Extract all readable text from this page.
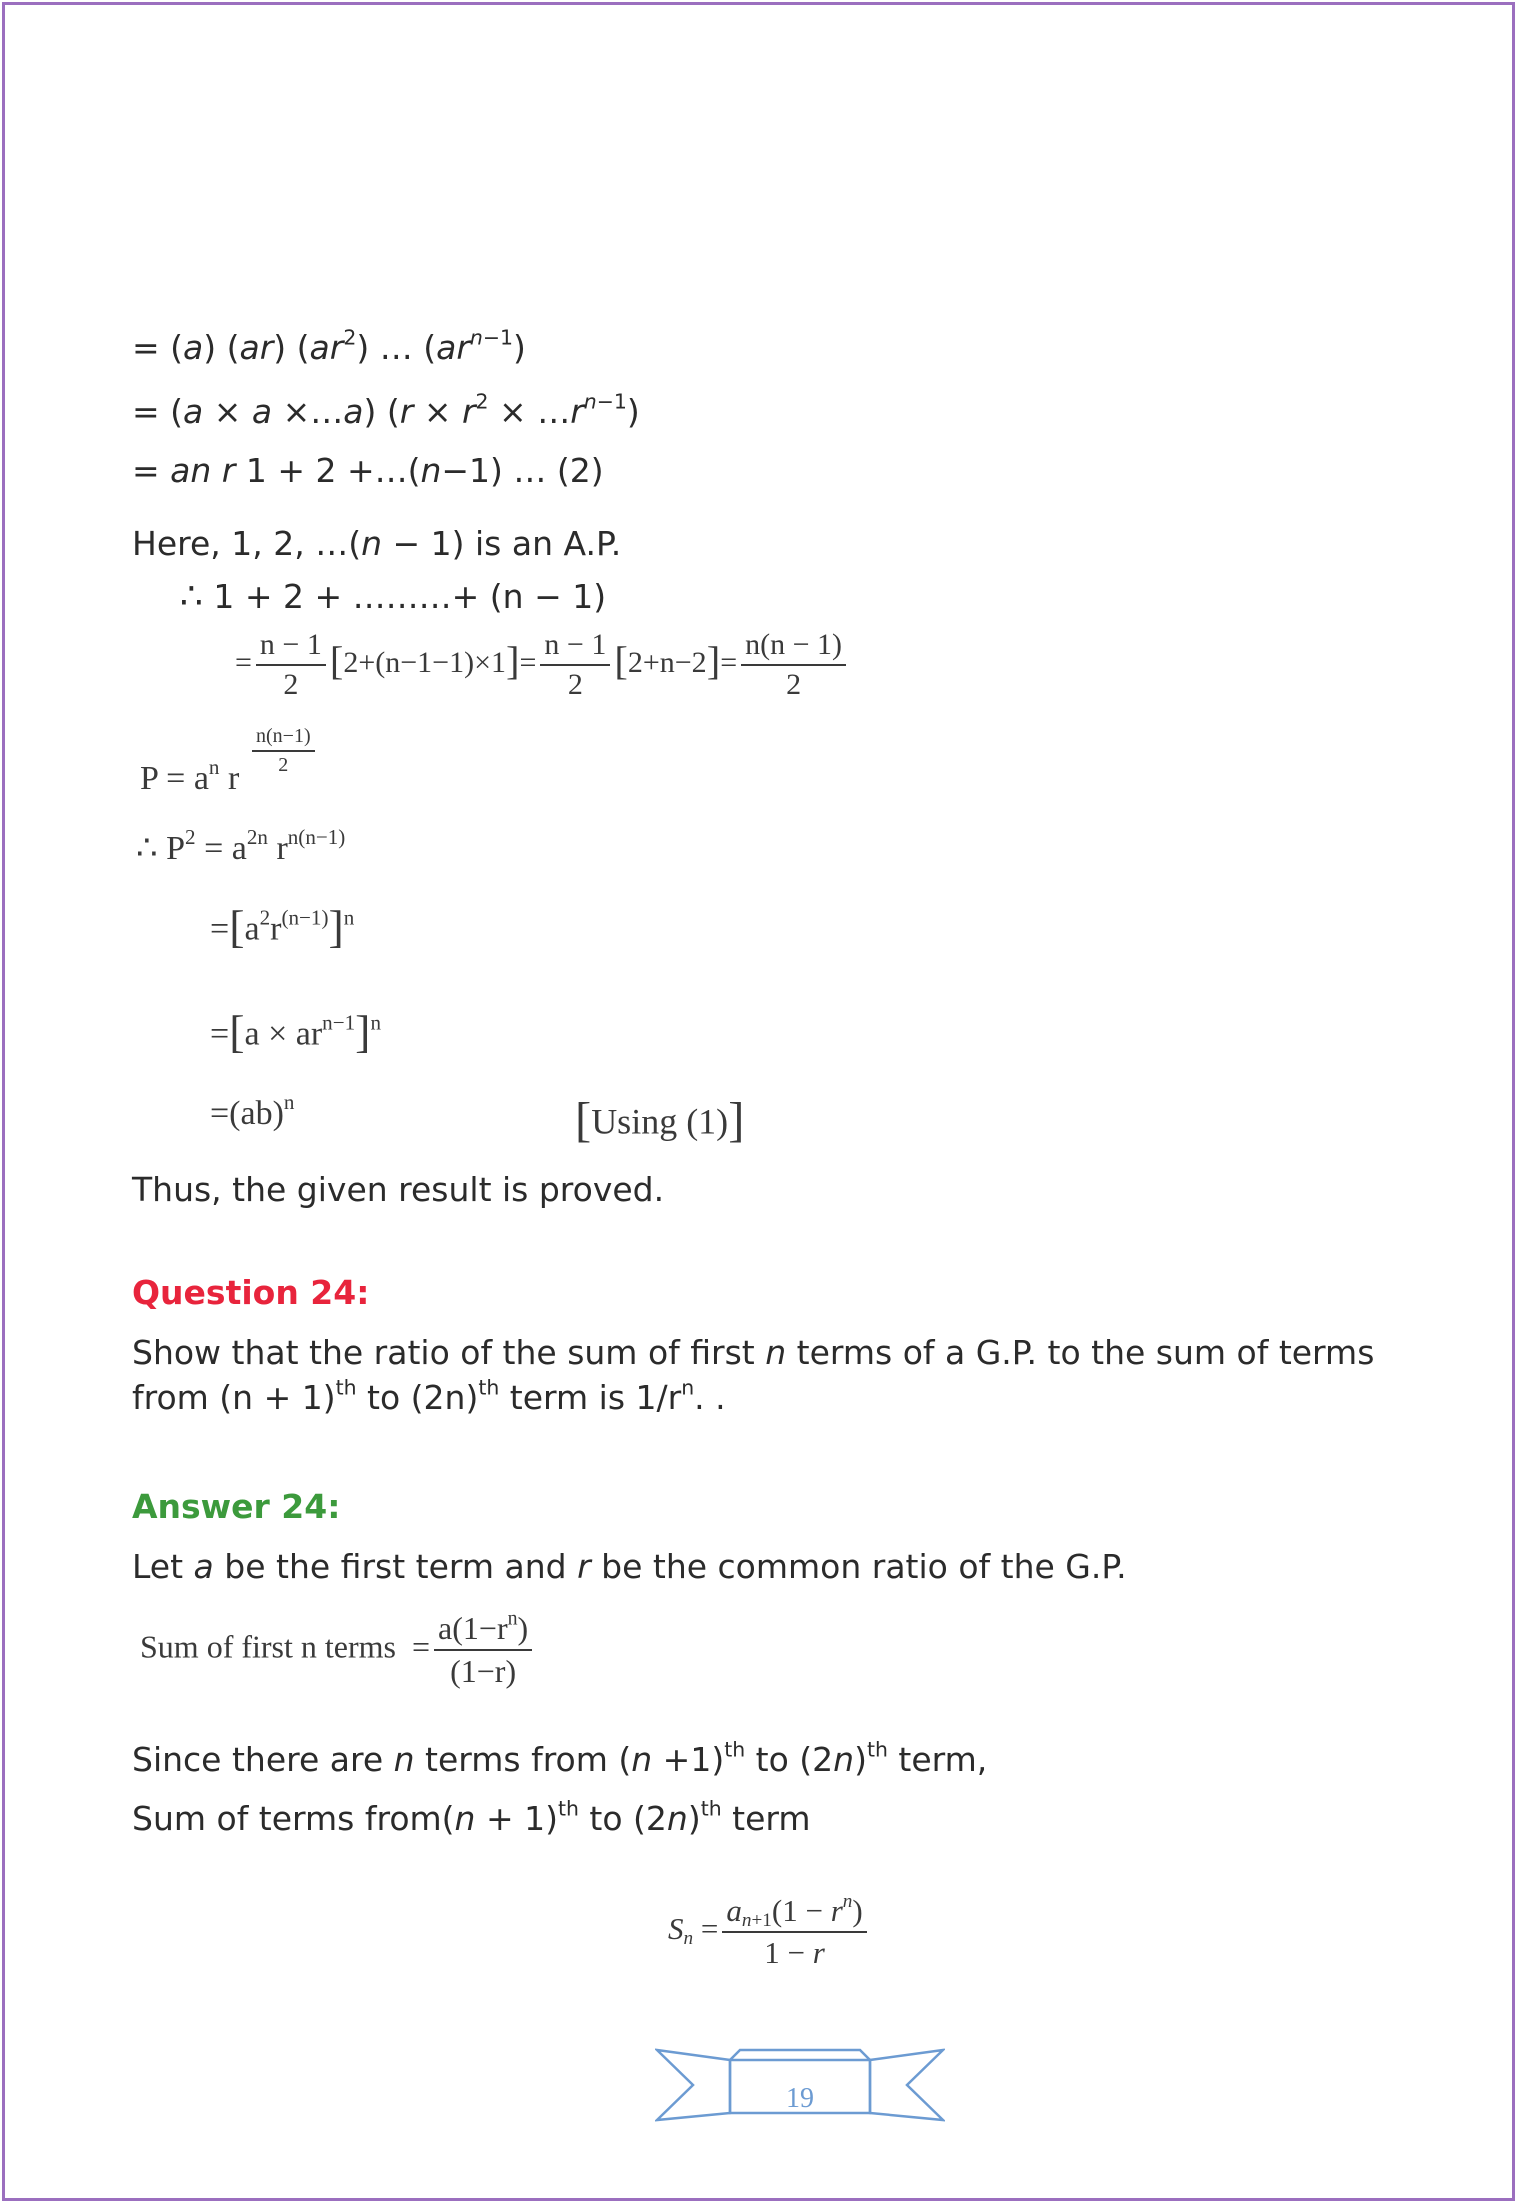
= (a) (ar) $(ar^2)$ … $(ar^{n-1})$
= (a × a ×…a) ($r \times r^2$ × $\dots r^{n-1}$)
= an r 1 + 2 +…(n−1) … (2)
Here, 1, 2, …(n − 1) is an A.P.
∴ 1 + 2 + ………+ (n − 1)
= $\frac{n - 1}{2} [2+(n-1-1)\times 1]= \frac{n - 1}{2} [2+n-2]= \frac{n(n - 1)}{2}$
$\frac{n(n-1)}{2}$
$P = a^n$ r
∴ $P^2 = a^{2n}$ $r^{n(n-1)}$
$=[a^2r^{(n-1)}]^n$
$=[a \times ar^{n-1}]^n$
=(ab)$^n$	[Using (1)]
Thus, the given result is proved.
Question 24:
Show that the ratio of the sum of first n terms of a G.P. to the sum of terms
from $(n + 1)^{th}$ to $(2n)^{th}$ term is $1/r^n$. .
Answer 24:
Let a be the first term and r be the common ratio of the G.P.
Sum of first n terms  = $\frac{a(1-r^n)}{(1-r)}$
Since there are n terms from $(n +1)^{th}$ to $(2n)^{th}$ term,
Sum of terms from(n + 1)$^{th}$ to $(2n)^{th}$ term
$S_n = \frac{a_{n+1}(1 - r^n)}{1 - r}$
19
